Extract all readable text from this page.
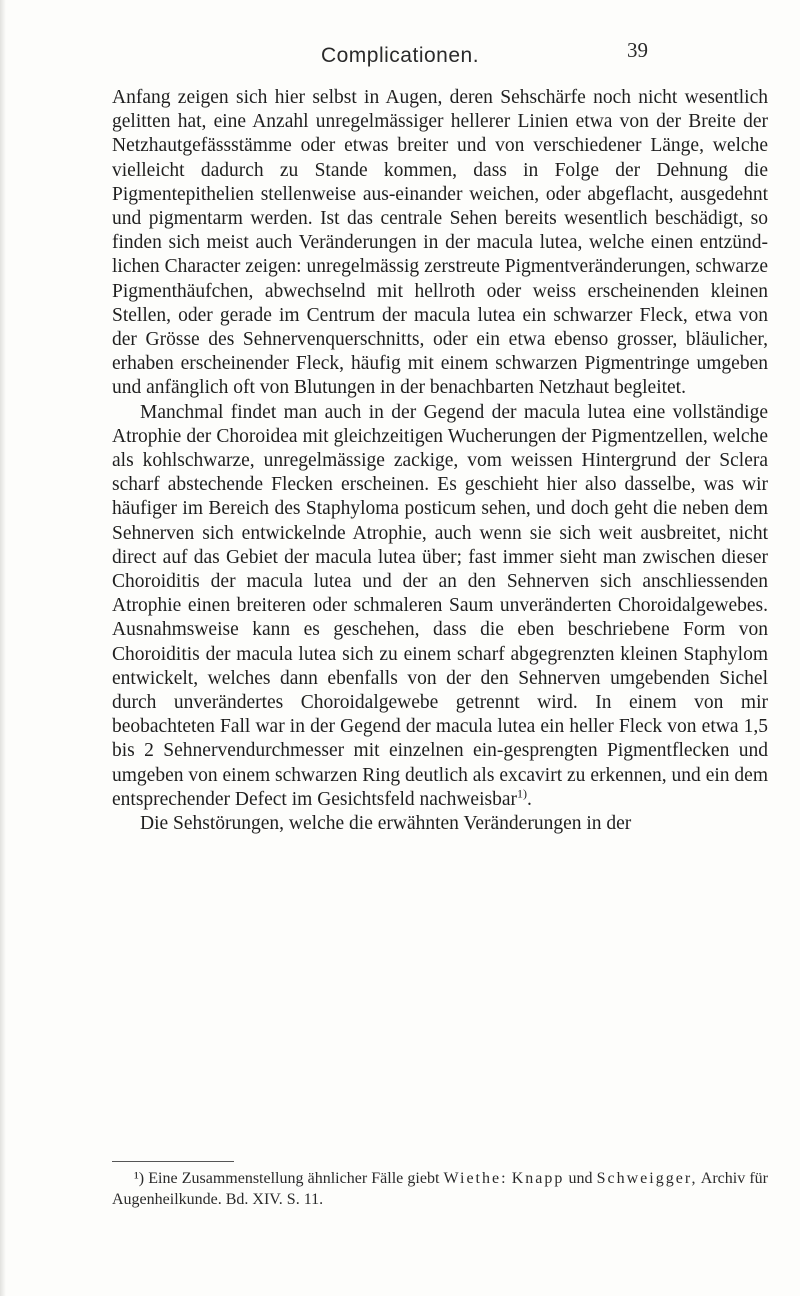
Complicationen.	39

Anfang zeigen sich hier selbst in Augen, deren Sehschärfe noch nicht wesentlich gelitten hat, eine Anzahl unregelmässiger hellerer Linien etwa von der Breite der Netzhautgefässstämme oder etwas breiter und von verschiedener Länge, welche vielleicht dadurch zu Stande kommen, dass in Folge der Dehnung die Pigmentepithelien stellenweise aus-einander weichen, oder abgeflacht, ausgedehnt und pigmentarm werden. Ist das centrale Sehen bereits wesentlich beschädigt, so finden sich meist auch Veränderungen in der macula lutea, welche einen entzünd-lichen Character zeigen: unregelmässig zerstreute Pigmentveränderungen, schwarze Pigmenthäufchen, abwechselnd mit hellroth oder weiss erscheinenden kleinen Stellen, oder gerade im Centrum der macula lutea ein schwarzer Fleck, etwa von der Grösse des Sehnervenquerschnitts, oder ein etwa ebenso grosser, bläulicher, erhaben erscheinender Fleck, häufig mit einem schwarzen Pigmentringe umgeben und anfänglich oft von Blutungen in der benachbarten Netzhaut begleitet.

Manchmal findet man auch in der Gegend der macula lutea eine vollständige Atrophie der Choroidea mit gleichzeitigen Wucherungen der Pigmentzellen, welche als kohlschwarze, unregelmässige zackige, vom weissen Hintergrund der Sclera scharf abstechende Flecken erscheinen. Es geschieht hier also dasselbe, was wir häufiger im Bereich des Staphyloma posticum sehen, und doch geht die neben dem Sehnerven sich entwickelnde Atrophie, auch wenn sie sich weit ausbreitet, nicht direct auf das Gebiet der macula lutea über; fast immer sieht man zwischen dieser Choroiditis der macula lutea und der an den Sehnerven sich anschliessenden Atrophie einen breiteren oder schmaleren Saum unveränderten Choroidalgewebes. Ausnahmsweise kann es geschehen, dass die eben beschriebene Form von Choroiditis der macula lutea sich zu einem scharf abgegrenzten kleinen Staphylom entwickelt, welches dann ebenfalls von der den Sehnerven umgebenden Sichel durch unverändertes Choroidalgewebe getrennt wird. In einem von mir beobachteten Fall war in der Gegend der macula lutea ein heller Fleck von etwa 1,5 bis 2 Sehnervendurchmesser mit einzelnen ein-gesprengten Pigmentflecken und umgeben von einem schwarzen Ring deutlich als excavirt zu erkennen, und ein dem entsprechender Defect im Gesichtsfeld nachweisbar$^{1)}$.

Die Sehstörungen, welche die erwähnten Veränderungen in der

¹) Eine Zusammenstellung ähnlicher Fälle giebt Wiethe: Knapp und Schweigger, Archiv für Augenheilkunde. Bd. XIV. S. 11.
